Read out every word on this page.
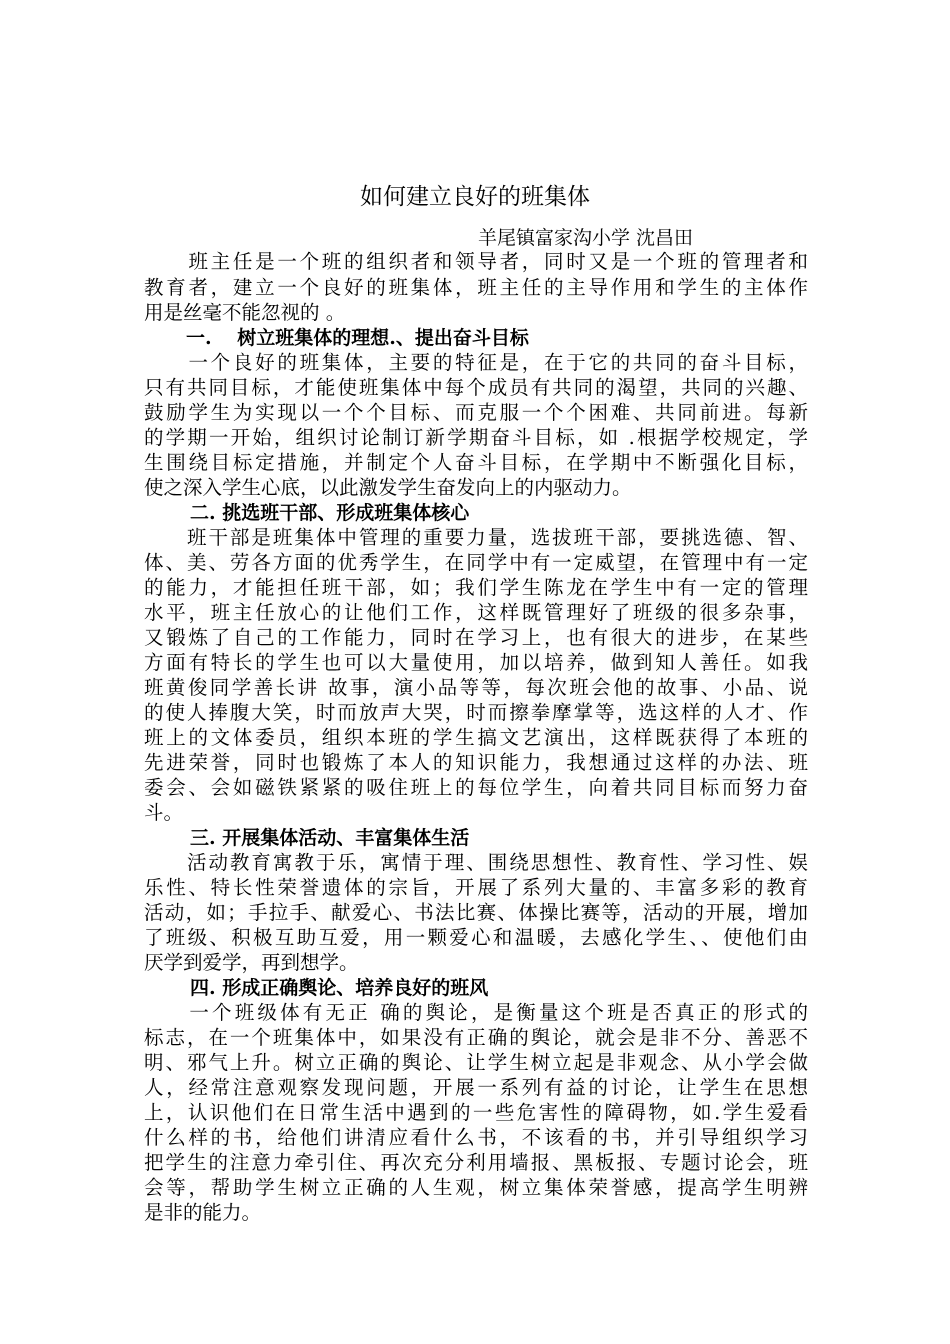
如何建立良好的班集体
羊尾镇富家沟小学 沈昌田
　　班主任是一个班的组织者和领导者，同时又是一个班的管理者和
教育者，建立一个良好的班集体，班主任的主导作用和学生的主体作
用是丝毫不能忽视的 。
一.　 树立班集体的理想.、提出奋斗目标
　　一个良好的班集体，主要的特征是，在于它的共同的奋斗目标，
只有共同目标，才能使班集体中每个成员有共同的渴望，共同的兴趣、
鼓励学生为实现以一个个目标、而克服一个个困难、共同前进。每新
的学期一开始，组织讨论制订新学期奋斗目标，如 .根据学校规定，学
生围绕目标定措施，并制定个人奋斗目标，在学期中不断强化目标，
使之深入学生心底，以此激发学生奋发向上的内驱动力。
二. 挑选班干部、形成班集体核心
　　班干部是班集体中管理的重要力量，选拔班干部，要挑选德、智、
体、美、劳各方面的优秀学生，在同学中有一定威望，在管理中有一定
的能力，才能担任班干部，如；我们学生陈龙在学生中有一定的管理
水平，班主任放心的让他们工作，这样既管理好了班级的很多杂事，
又锻炼了自己的工作能力，同时在学习上，也有很大的进步，在某些
方面有特长的学生也可以大量使用，加以培养，做到知人善任。如我
班黄俊同学善长讲 故事，演小品等等，每次班会他的故事、小品、说
的使人捧腹大笑，时而放声大哭，时而擦拳摩掌等，选这样的人才、作
班上的文体委员，组织本班的学生搞文艺演出，这样既获得了本班的
先进荣誉，同时也锻炼了本人的知识能力，我想通过这样的办法、班
委会、会如磁铁紧紧的吸住班上的每位学生，向着共同目标而努力奋
斗。
三. 开展集体活动、丰富集体生活
　　活动教育寓教于乐，寓情于理、围绕思想性、教育性、学习性、娱
乐性、特长性荣誉遗体的宗旨，开展了系列大量的、丰富多彩的教育
活动，如；手拉手、献爱心、书法比赛、体操比赛等，活动的开展，增加
了班级、积极互助互爱，用一颗爱心和温暖，去感化学生、、使他们由
厌学到爱学，再到想学。
四. 形成正确舆论、培养良好的班风
　　一个班级体有无正 确的舆论，是衡量这个班是否真正的形式的
标志，在一个班集体中，如果没有正确的舆论，就会是非不分、善恶不
明、邪气上升。树立正确的舆论、让学生树立起是非观念、从小学会做
人，经常注意观察发现问题，开展一系列有益的讨论，让学生在思想
上，认识他们在日常生活中遇到的一些危害性的障碍物，如.学生爱看
什么样的书，给他们讲清应看什么书，不该看的书，并引导组织学习
把学生的注意力牵引住、再次充分利用墙报、黑板报、专题讨论会，班
会等，帮助学生树立正确的人生观，树立集体荣誉感，提高学生明辨
是非的能力。
